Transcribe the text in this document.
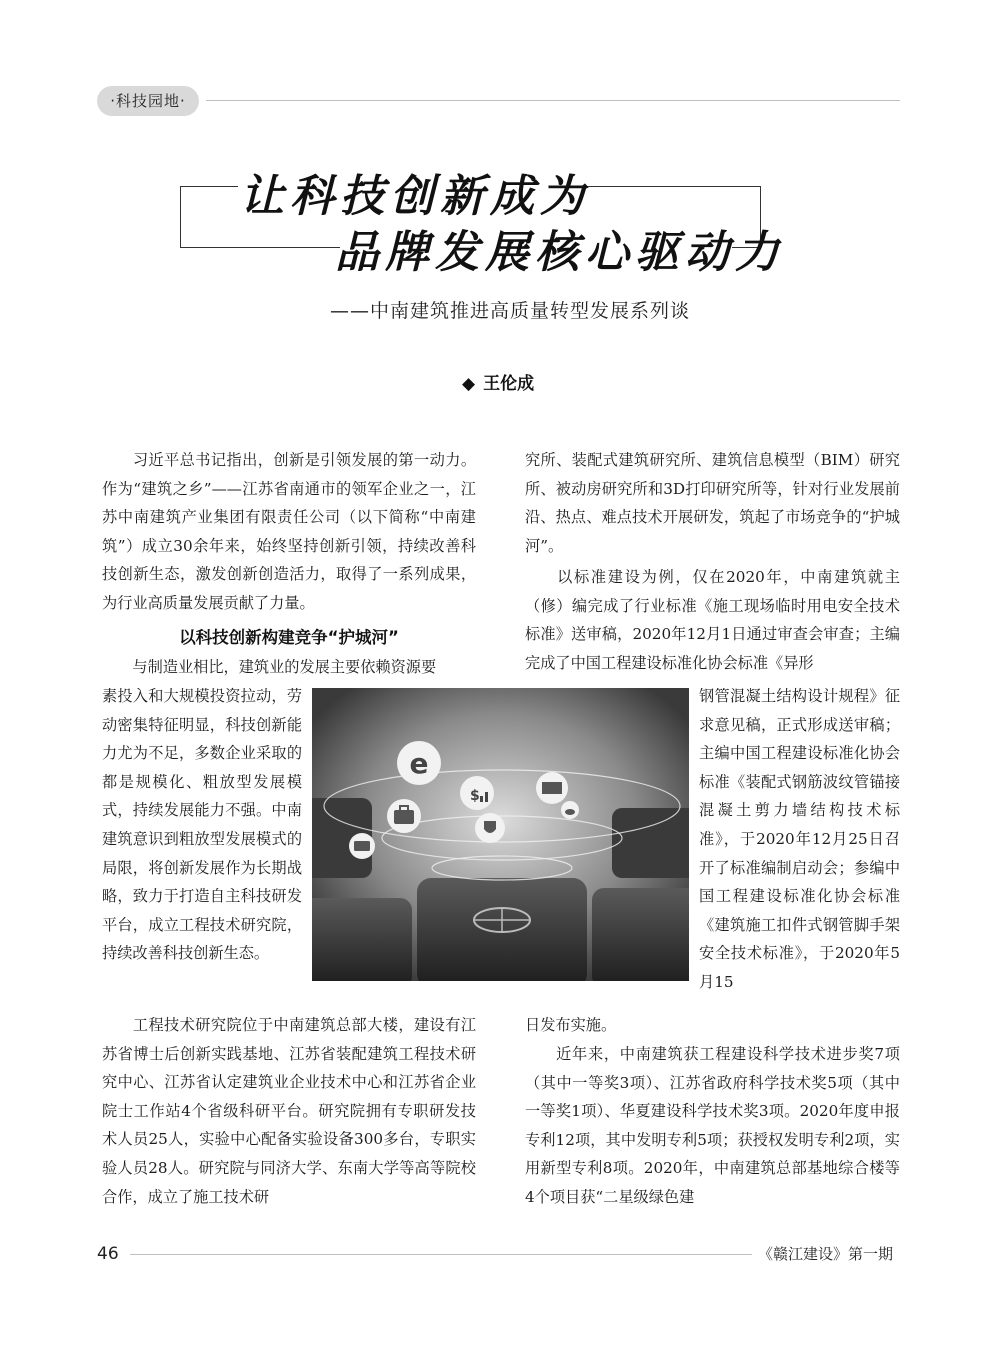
·科技园地·
让科技创新成为
品牌发展核心驱动力
——中南建筑推进高质量转型发展系列谈
◆ 王伦成
习近平总书记指出，创新是引领发展的第一动力。作为“建筑之乡”——江苏省南通市的领军企业之一，江苏中南建筑产业集团有限责任公司（以下简称“中南建筑”）成立30余年来，始终坚持创新引领，持续改善科技创新生态，激发创新创造活力，取得了一系列成果，为行业高质量发展贡献了力量。
以科技创新构建竞争“护城河”
与制造业相比，建筑业的发展主要依赖资源要
素投入和大规模投资拉动，劳动密集特征明显，科技创新能力尤为不足，多数企业采取的都是规模化、粗放型发展模式，持续发展能力不强。中南建筑意识到粗放型发展模式的局限，将创新发展作为长期战略，致力于打造自主科技研发平台，成立工程技术研究院，持续改善科技创新生态。
工程技术研究院位于中南建筑总部大楼，建设有江苏省博士后创新实践基地、江苏省装配建筑工程技术研究中心、江苏省认定建筑业企业技术中心和江苏省企业院士工作站4个省级科研平台。研究院拥有专职研发技术人员25人，实验中心配备实验设备300多台，专职实验人员28人。研究院与同济大学、东南大学等高等院校合作，成立了施工技术研
究所、装配式建筑研究所、建筑信息模型（BIM）研究所、被动房研究所和3D打印研究所等，针对行业发展前沿、热点、难点技术开展研发，筑起了市场竞争的“护城河”。
以标准建设为例，仅在2020年，中南建筑就主（修）编完成了行业标准《施工现场临时用电安全技术标准》送审稿，2020年12月1日通过审查会审查；主编完成了中国工程建设标准化协会标准《异形
钢管混凝土结构设计规程》征求意见稿，正式形成送审稿；主编中国工程建设标准化协会标准《装配式钢筋波纹管锚接混凝土剪力墙结构技术标准》，于2020年12月25日召开了标准编制启动会；参编中国工程建设标准化协会标准《建筑施工扣件式钢管脚手架安全技术标准》，于2020年5月15
日发布实施。
近年来，中南建筑获工程建设科学技术进步奖7项（其中一等奖3项）、江苏省政府科学技术奖5项（其中一等奖1项）、华夏建设科学技术奖3项。2020年度申报专利12项，其中发明专利5项；获授权发明专利2项，实用新型专利8项。2020年，中南建筑总部基地综合楼等4个项目获“二星级绿色建
e
$
46	《赣江建设》第一期
